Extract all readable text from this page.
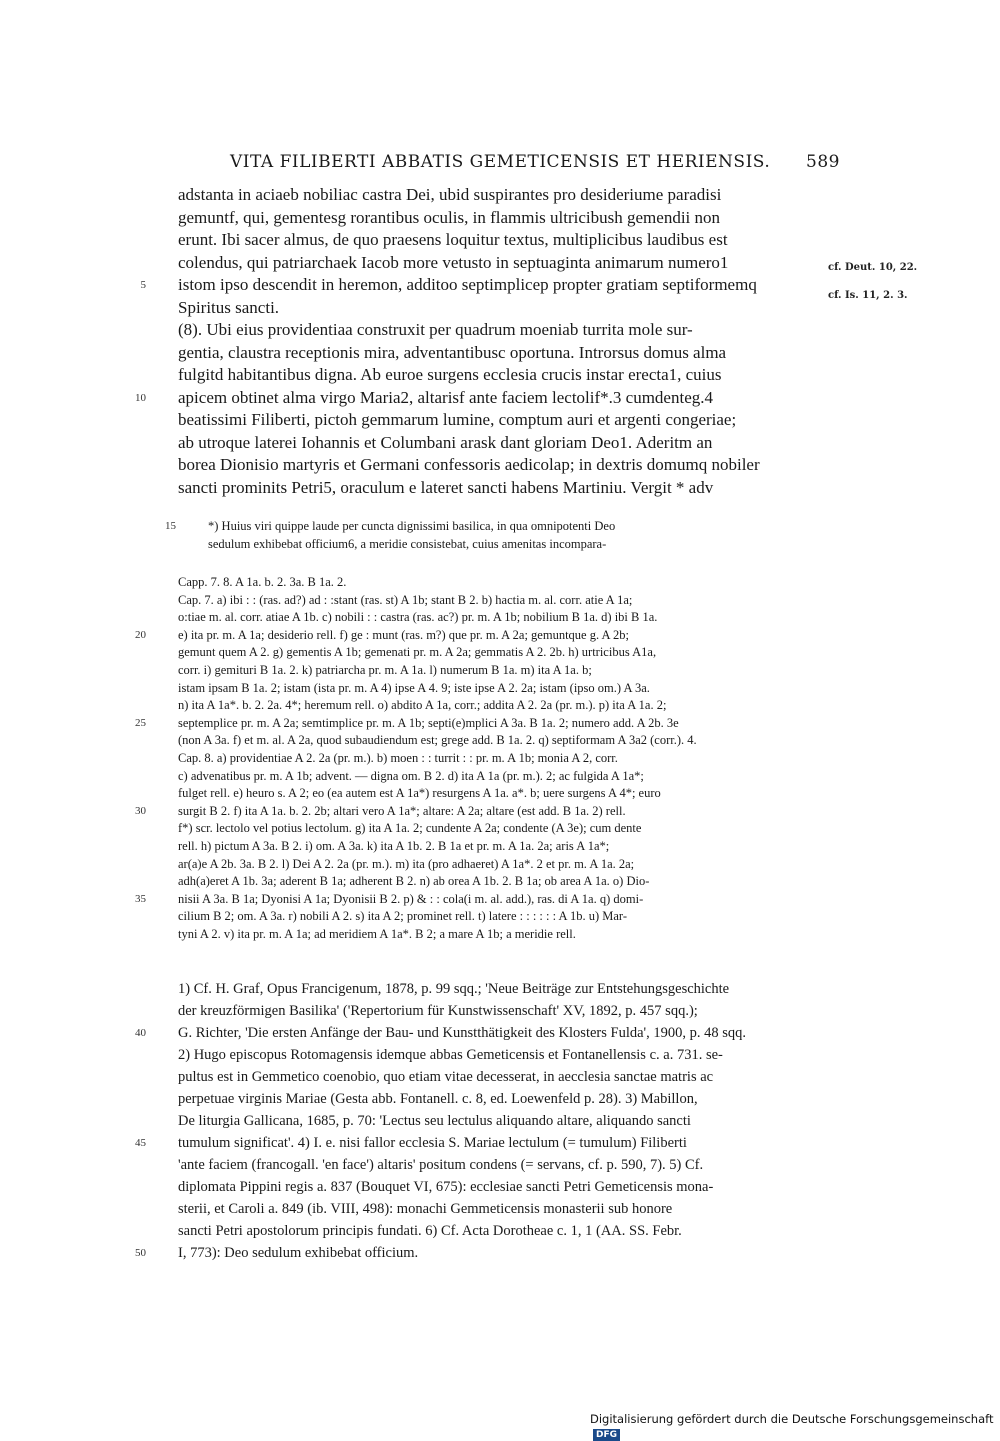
VITA FILIBERTI ABBATIS GEMETICENSIS ET HERIENSIS. 589
cf. Deut. 10, 22.
cf. Is. 11, 2. 3.
adstanta in aciaeb nobiliac castra Dei, ubid suspirantes pro desideriume paradisi
gemuntf, qui, gementesg rorantibus oculis, in flammis ultricibush gemendii non
erunt. Ibi sacer almus, de quo praesens loquitur textus, multiplicibus laudibus est
colendus, qui patriarchaek Iacob more vetusto in septuaginta animarum numero1
5 istom ipso descendit in heremon, additoo septimplicep propter gratiam septiformemq
Spiritus sancti.
(8). Ubi eius providentiaa construxit per quadrum moeniab turrita mole sur-
gentia, claustra receptionis mira, adventantibusc oportuna. Introrsus domus alma
fulgitd habitantibus digna. Ab euroe surgens ecclesia crucis instar erecta1, cuius
10 apicem obtinet alma virgo Maria2, altarisf ante faciem lectolif*.3 cumdenteg.4
beatissimi Filiberti, pictoh gemmarum lumine, comptum auri et argenti congeriae;
ab utroque laterei Iohannis et Columbani arask dant gloriam Deo1. Aderitm an
borea Dionisio martyris et Germani confessoris aedicolap; in dextris domumq nobiler
sancti prominits Petri5, oraculum e lateret sancti habens Martiniu. Vergit * adv
15	*) Huius viri quippe laude per cuncta dignissimi basilica, in qua omnipotenti Deo
sedulum exhibebat officium6, a meridie consistebat, cuius amenitas incompara-
Capp. 7. 8. A 1a. b. 2. 3a. B 1a. 2.
Cap. 7. a) ibi : : (ras. ad?) ad : :stant (ras. st) A 1b; stant B 2. b) hactia m. al. corr. atie A 1a;
o:tiae m. al. corr. atiae A 1b. c) nobili : : castra (ras. ac?) pr. m. A 1b; nobilium B 1a. d) ibi B 1a.
20	e) ita pr. m. A 1a; desiderio rell. f) ge : munt (ras. m?) que pr. m. A 2a; gemuntque g. A 2b;
gemunt quem A 2. g) gementis A 1b; gemenati pr. m. A 2a; gemmatis A 2. 2b. h) urtricibus A1a,
corr. i) gemituri B 1a. 2. k) patriarcha pr. m. A 1a. l) numerum B 1a. m) ita A 1a. b;
istam ipsam B 1a. 2; istam (ista pr. m. A 4) ipse A 4. 9; iste ipse A 2. 2a; istam (ipso om.) A 3a.
n) ita A 1a*. b. 2. 2a. 4*; heremum rell. o) abdito A 1a, corr.; addita A 2. 2a (pr. m.). p) ita A 1a. 2;
25	septemplice pr. m. A 2a; semtimplice pr. m. A 1b; septi(e)mplici A 3a. B 1a. 2; numero add. A 2b. 3e
(non A 3a. f) et m. al. A 2a, quod subaudiendum est; grege add. B 1a. 2. q) septiformam A 3a2 (corr.). 4.
Cap. 8. a) providentiae A 2. 2a (pr. m.). b) moen : : turrit : : pr. m. A 1b; monia A 2, corr.
c) advenatibus pr. m. A 1b; advent. — digna om. B 2. d) ita A 1a (pr. m.). 2; ac fulgida A 1a*;
fulget rell. e) heuro s. A 2; eo (ea autem est A 1a*) resurgens A 1a. a*. b; uere surgens A 4*; euro
30	surgit B 2. f) ita A 1a. b. 2. 2b; altari vero A 1a*; altare: A 2a; altare (est add. B 1a. 2) rell.
f*) scr. lectolo vel potius lectolum. g) ita A 1a. 2; cundente A 2a; condente (A 3e); cum dente
rell. h) pictum A 3a. B 2. i) om. A 3a. k) ita A 1b. 2. B 1a et pr. m. A 1a. 2a; aris A 1a*;
ar(a)e A 2b. 3a. B 2. l) Dei A 2. 2a (pr. m.). m) ita (pro adhaeret) A 1a*. 2 et pr. m. A 1a. 2a;
adh(a)eret A 1b. 3a; aderent B 1a; adherent B 2. n) ab orea A 1b. 2. B 1a; ob area A 1a. o) Dio-
35	nisii A 3a. B 1a; Dyonisi A 1a; Dyonisii B 2. p) & : : cola(i m. al. add.), ras. di A 1a. q) domi-
cilium B 2; om. A 3a. r) nobili A 2. s) ita A 2; prominet rell. t) latere : : : : : : A 1b. u) Mar-
tyni A 2. v) ita pr. m. A 1a; ad meridiem A 1a*. B 2; a mare A 1b; a meridie rell.
1) Cf. H. Graf, Opus Francigenum, 1878, p. 99 sqq.; 'Neue Beiträge zur Entstehungsgeschichte
der kreuzförmigen Basilika' ('Repertorium für Kunstwissenschaft' XV, 1892, p. 457 sqq.);
40 G. Richter, 'Die ersten Anfänge der Bau- und Kunstthätigkeit des Klosters Fulda', 1900, p. 48 sqq.
2) Hugo episcopus Rotomagensis idemque abbas Gemeticensis et Fontanellensis c. a. 731. se-
pultus est in Gemmetico coenobio, quo etiam vitae decesserat, in aecclesia sanctae matris ac
perpetuae virginis Mariae (Gesta abb. Fontanell. c. 8, ed. Loewenfeld p. 28). 3) Mabillon,
De liturgia Gallicana, 1685, p. 70: 'Lectus seu lectulus aliquando altare, aliquando sancti
45 tumulum significat'. 4) I. e. nisi fallor ecclesia S. Mariae lectulum (= tumulum) Filiberti
'ante faciem (francogall. 'en face') altaris' positum condens (= servans, cf. p. 590, 7). 5) Cf.
diplomata Pippini regis a. 837 (Bouquet VI, 675): ecclesiae sancti Petri Gemeticensis mona-
sterii, et Caroli a. 849 (ib. VIII, 498): monachi Gemmeticensis monasterii sub honore
sancti Petri apostolorum principis fundati. 6) Cf. Acta Dorotheae c. 1, 1 (AA. SS. Febr.
50 I, 773): Deo sedulum exhibebat officium.
Digitalisierung gefördert durch die Deutsche Forschungsgemeinschaft DFG
